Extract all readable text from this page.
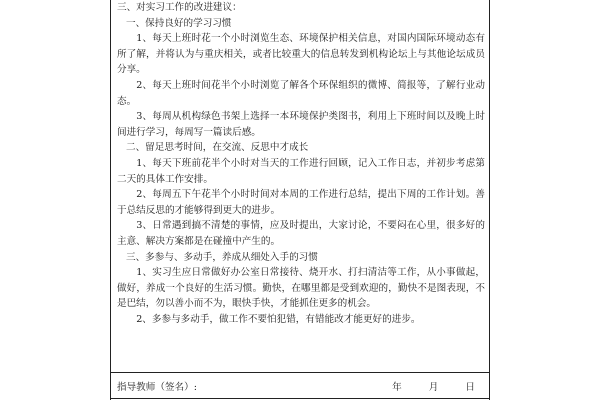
三、对实习工作的改进建议：

一、保持良好的学习习惯

1、每天上班时花一个小时浏览生态、环境保护相关信息，对国内国际环境动态有所了解，并将认为与重庆相关，或者比较重大的信息转发到机构论坛上与其他论坛成员分享。

2、每天上班时间花半个小时浏览了解各个环保组织的微博、简报等，了解行业动态。

3、每周从机构绿色书架上选择一本环境保护类图书，利用上下班时间以及晚上时间进行学习，每周写一篇读后感。

二、留足思考时间，在交流、反思中才成长

1、每天下班前花半个小时对当天的工作进行回顾，记入工作日志，并初步考虑第二天的具体工作安排。

2、每周五下午花半个小时时间对本周的工作进行总结，提出下周的工作计划。善于总结反思的才能够得到更大的进步。

3、日常遇到搞不清楚的事情，应及时提出，大家讨论，不要闷在心里，很多好的主意、解决方案都是在碰撞中产生的。

三、多参与、多动手，养成从细处入手的习惯

1、实习生应日常做好办公室日常接待、烧开水、打扫清洁等工作，从小事做起，做好，养成一个良好的生活习惯。勤快，在哪里都是受到欢迎的，勤快不是图表现，不是巴结，勿以善小而不为，眼快手快，才能抓住更多的机会。

2、多参与多动手，做工作不要怕犯错，有错能改才能更好的进步。

指导教师（签名）:	年	月	日
